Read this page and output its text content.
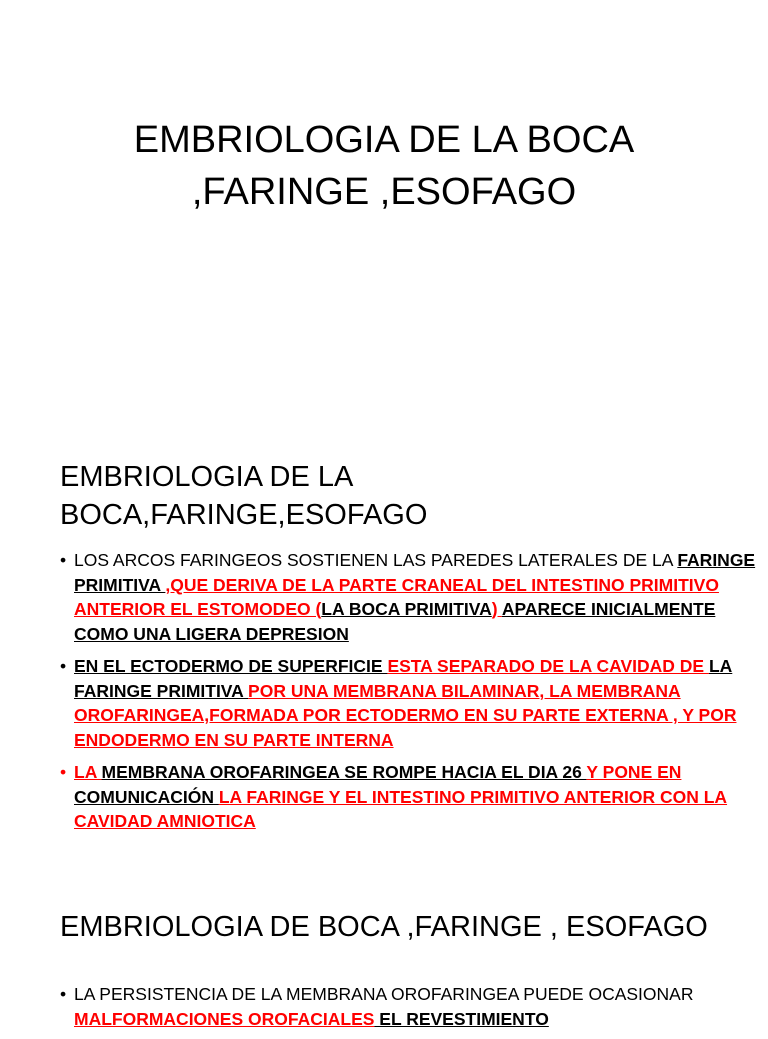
EMBRIOLOGIA DE LA BOCA
,FARINGE ,ESOFAGO
EMBRIOLOGIA DE LA
BOCA,FARINGE,ESOFAGO
• LOS ARCOS FARINGEOS SOSTIENEN LAS PAREDES LATERALES DE LA FARINGE PRIMITIVA ,QUE DERIVA DE LA PARTE CRANEAL DEL INTESTINO PRIMITIVO ANTERIOR EL ESTOMODEO (LA BOCA PRIMITIVA) APARECE INICIALMENTE COMO UNA LIGERA DEPRESION
• EN EL ECTODERMO DE SUPERFICIE ESTA SEPARADO DE LA CAVIDAD DE LA FARINGE PRIMITIVA POR UNA MEMBRANA BILAMINAR, LA MEMBRANA OROFARINGEA,FORMADA POR ECTODERMO EN SU PARTE EXTERNA , Y POR ENDODERMO EN SU PARTE INTERNA
• LA MEMBRANA OROFARINGEA SE ROMPE HACIA EL DIA 26 Y PONE EN COMUNICACIÓN LA FARINGE Y EL INTESTINO PRIMITIVO ANTERIOR CON LA CAVIDAD AMNIOTICA
EMBRIOLOGIA DE BOCA ,FARINGE , ESOFAGO
• LA PERSISTENCIA DE LA MEMBRANA OROFARINGEA PUEDE OCASIONAR MALFORMACIONES OROFACIALES EL REVESTIMIENTO
